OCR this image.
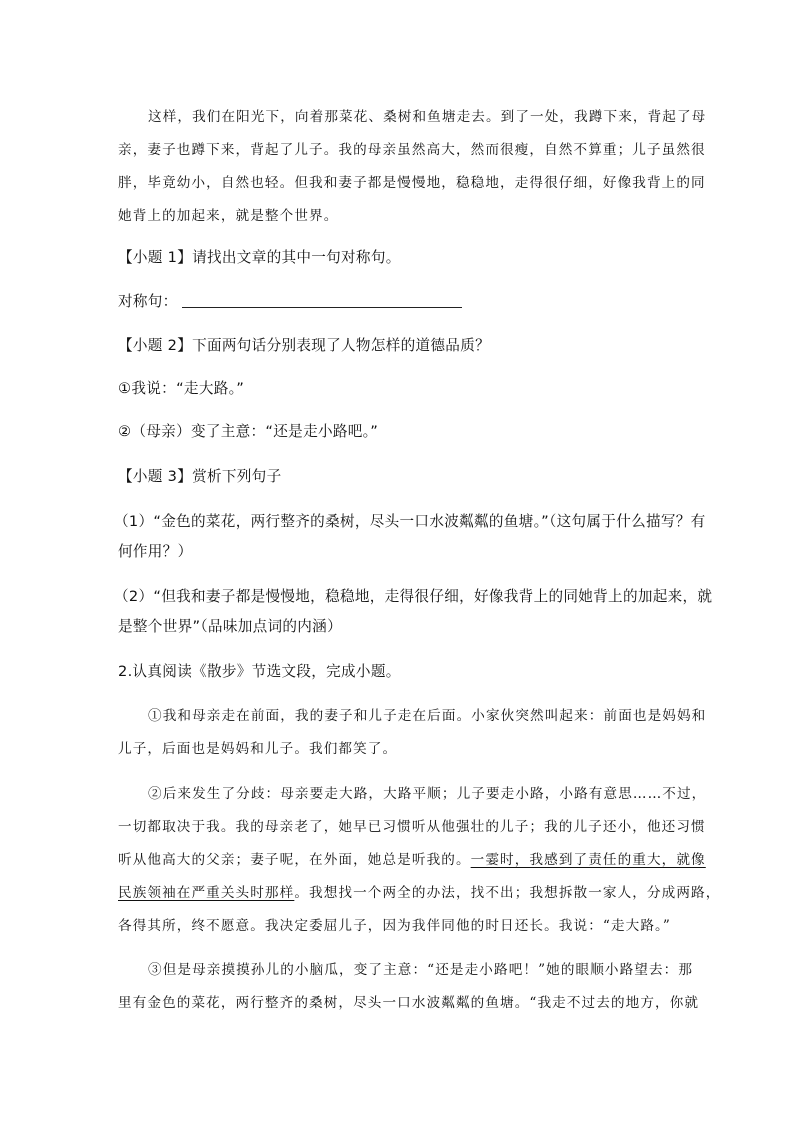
这样，我们在阳光下，向着那菜花、桑树和鱼塘走去。到了一处，我蹲下来，背起了母
亲，妻子也蹲下来，背起了儿子。我的母亲虽然高大，然而很瘦，自然不算重；儿子虽然很
胖，毕竟幼小，自然也轻。但我和妻子都是慢慢地，稳稳地，走得很仔细，好像我背上的同
她背上的加起来，就是整个世界。
【小题 1】请找出文章的其中一句对称句。
对称句：
【小题 2】下面两句话分别表现了人物怎样的道德品质？
①我说：“走大路。”
②（母亲）变了主意：“还是走小路吧。”
【小题 3】赏析下列句子
（1）“金色的菜花，两行整齐的桑树，尽头一口水波粼粼的鱼塘。”（这句属于什么描写？有
何作用？）
（2）“但我和妻子都是慢慢地，稳稳地，走得很仔细，好像我背上的同她背上的加起来，就
是整个世界”（品味加点词的内涵）
2.认真阅读《散步》节选文段，完成小题。
①我和母亲走在前面，我的妻子和儿子走在后面。小家伙突然叫起来：前面也是妈妈和
儿子，后面也是妈妈和儿子。我们都笑了。
②后来发生了分歧：母亲要走大路，大路平顺；儿子要走小路，小路有意思……不过，
一切都取决于我。我的母亲老了，她早已习惯听从他强壮的儿子；我的儿子还小，他还习惯
听从他高大的父亲；妻子呢，在外面，她总是听我的。一霎时，我感到了责任的重大，就像
民族领袖在严重关头时那样。我想找一个两全的办法，找不出；我想拆散一家人，分成两路，
各得其所，终不愿意。我决定委屈儿子，因为我伴同他的时日还长。我说：“走大路。”
③但是母亲摸摸孙儿的小脑瓜，变了主意：“还是走小路吧！”她的眼顺小路望去：那
里有金色的菜花，两行整齐的桑树，尽头一口水波粼粼的鱼塘。“我走不过去的地方，你就
